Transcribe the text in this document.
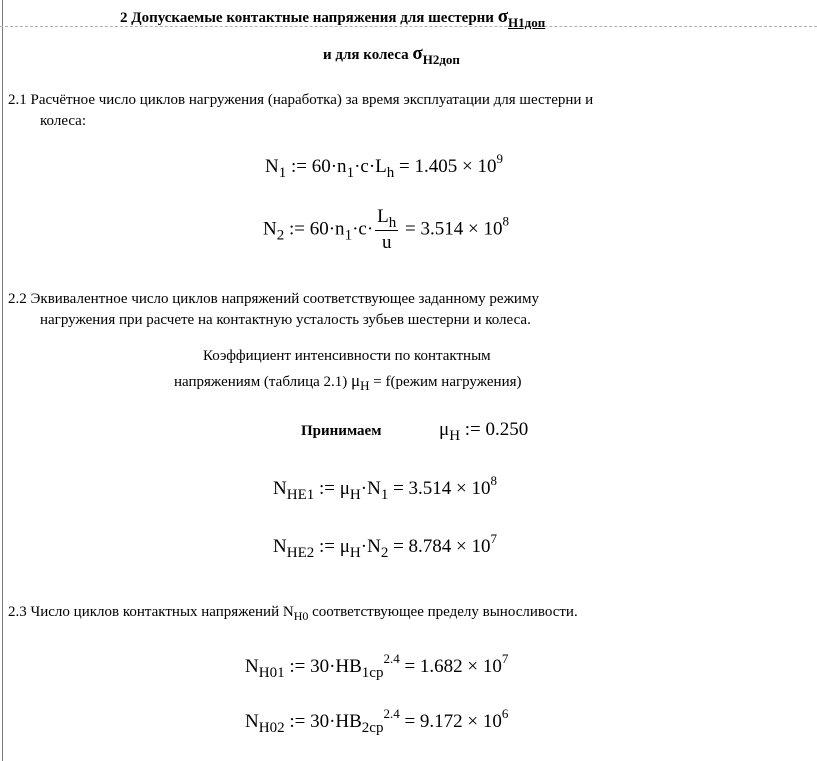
2 Допускаемые контактные напряжения для шестерни σH1доп
и для колеса σH2доп
2.1 Расчётное число циклов нагружения (наработка) за время эксплуатации для шестерни и
колеса:
$N_1$ := $60\cdot n_1\cdot c\cdot L_h = 1.405 \times 10^9$
$N_2$ := $60\cdot n_1\cdot c\cdot \frac{L_h}{u} = 3.514 \times 10^8$
2.2 Эквивалентное число циклов напряжений соответствующее заданному режиму
нагружения при расчете на контактную усталость зубьев шестерни и колеса.
Коэффициент интенсивности по контактным
напряжениям (таблица 2.1) $\mu_H$ = f(режим нагружения)
Принимаем	$\mu_H$ := 0.250
$N_{HE1}$ := $\mu_H\cdot N_1 = 3.514 \times 10^8$
$N_{HE2}$ := $\mu_H\cdot N_2 = 8.784 \times 10^7$
2.3 Число циклов контактных напряжений $N_{H0}$ соответствующее пределу выносливости.
$N_{H01}$ := $30\cdot HB_{1ср}^{2.4} = 1.682 \times 10^7$
$N_{H02}$ := $30\cdot HB_{2ср}^{2.4} = 9.172 \times 10^6$
